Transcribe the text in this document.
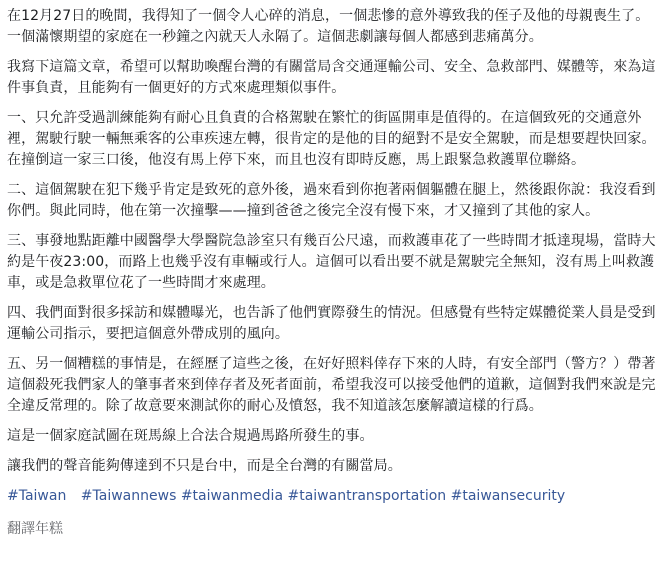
在12月27日的晚間，我得知了一個令人心碎的消息，一個悲慘的意外導致我的侄子及他的母親喪生了。一個滿懷期望的家庭在一秒鐘之內就天人永隔了。這個悲劇讓每個人都感到悲痛萬分。

我寫下這篇文章，希望可以幫助喚醒台灣的有關當局含交通運輸公司、安全、急救部門、媒體等，來為這件事負責，且能夠有一個更好的方式來處理類似事件。

一、只允許受過訓練能夠有耐心且負責的合格駕駛在繁忙的街區開車是值得的。在這個致死的交通意外裡，駕駛行駛一輛無乘客的公車疾速左轉，很肯定的是他的目的絕對不是安全駕駛，而是想要趕快回家。在撞倒這一家三口後，他沒有馬上停下來，而且也沒有即時反應，馬上跟緊急救護單位聯絡。

二、這個駕駛在犯下幾乎肯定是致死的意外後，過來看到你抱著兩個軀體在腿上，然後跟你說：我沒看到你們。與此同時，他在第一次撞擊——撞到爸爸之後完全沒有慢下來，才又撞到了其他的家人。

三、事發地點距離中國醫學大學醫院急診室只有幾百公尺遠，而救護車花了一些時間才抵達現場，當時大約是午夜23:00，而路上也幾乎沒有車輛或行人。這個可以看出要不就是駕駛完全無知，沒有馬上叫救護車，或是急救單位花了一些時間才來處理。

四、我們面對很多採訪和媒體曝光，也告訴了他們實際發生的情況。但感覺有些特定媒體從業人員是受到運輸公司指示，要把這個意外帶成別的風向。

五、另一個糟糕的事情是，在經歷了這些之後，在好好照料倖存下來的人時，有安全部門（警方？）帶著這個殺死我們家人的肇事者來到倖存者及死者面前，希望我沒可以接受他們的道歉，這個對我們來說是完全違反常理的。除了故意要來測試你的耐心及憤怒，我不知道該怎麼解讀這樣的行爲。

這是一個家庭試圖在斑馬線上合法合規過馬路所發生的事。

讓我們的聲音能夠傳達到不只是台中，而是全台灣的有關當局。

#Taiwan #Taiwannews #taiwanmedia #taiwantransportation #taiwansecurity
翻譯年糕
